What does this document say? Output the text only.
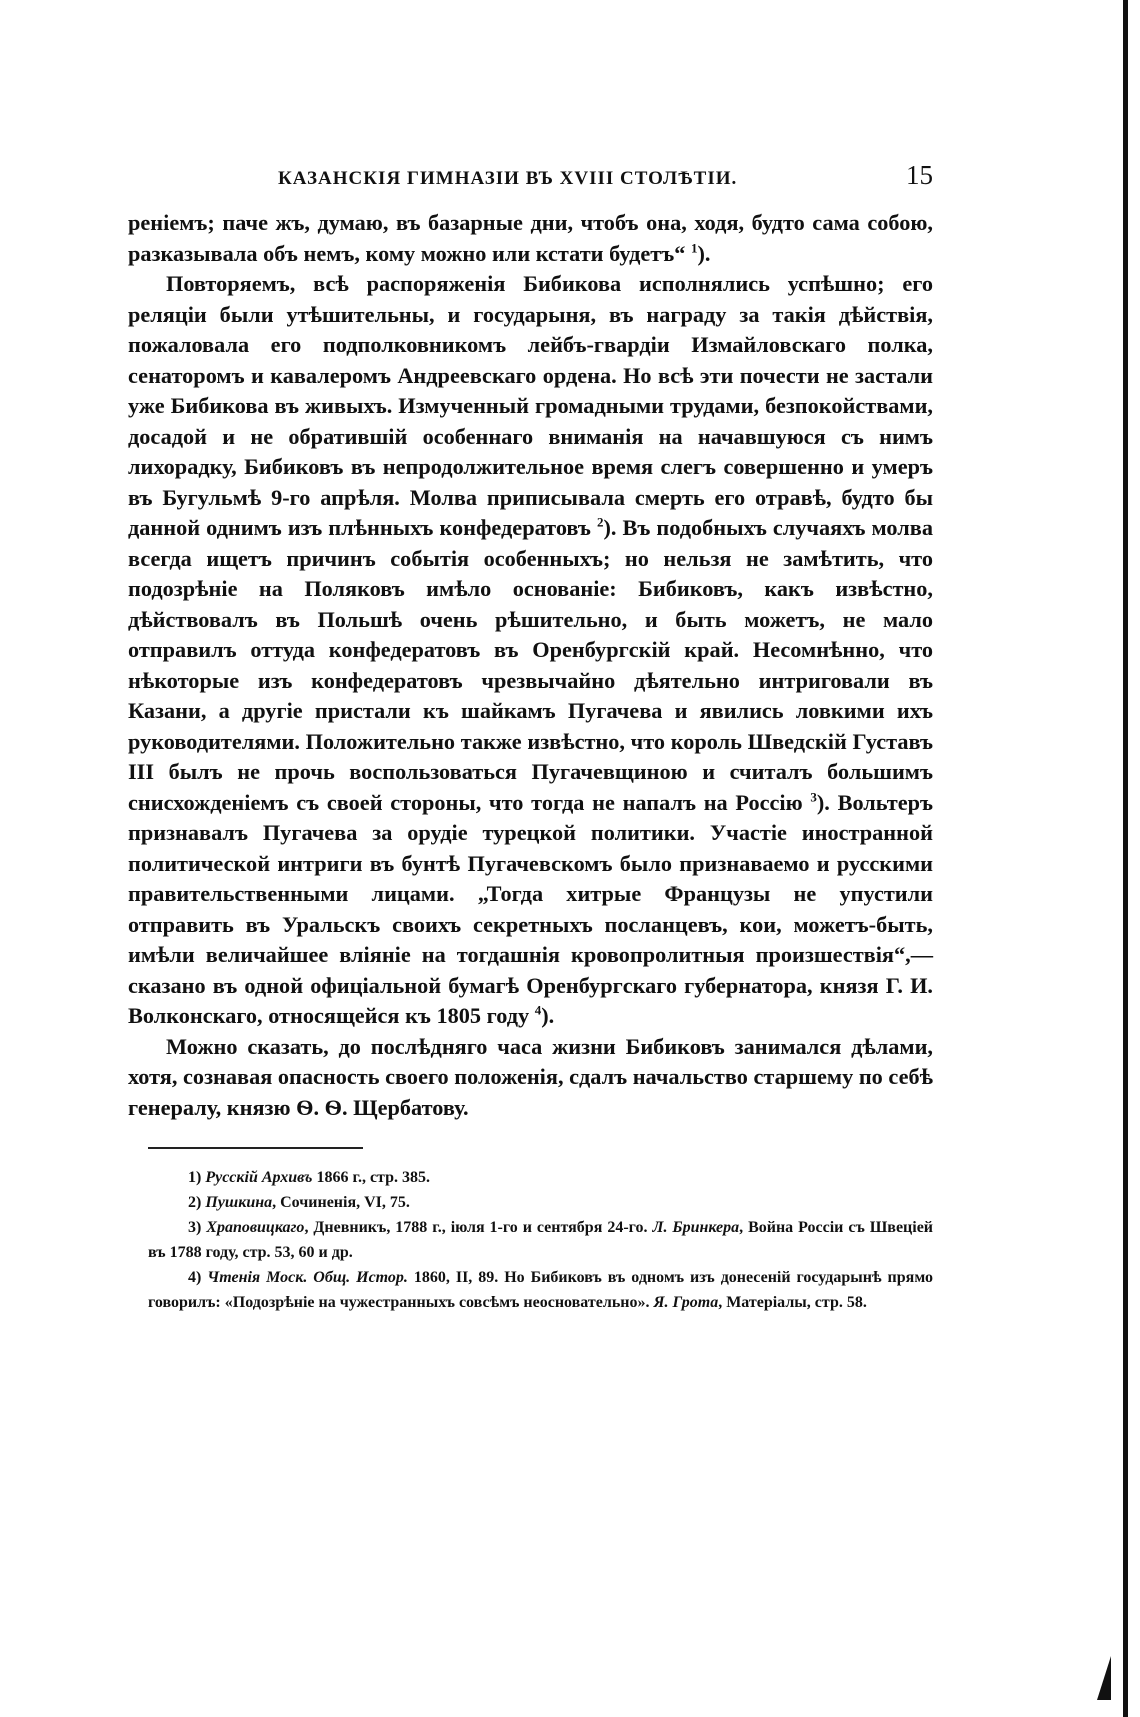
КАЗАНСКІЯ ГИМНАЗІИ ВЪ XVIII СТОЛѢТІИ.	15

реніемъ; паче жъ, думаю, въ базарные дни, чтобъ она, ходя, будто сама собою, разказывала объ немъ, кому можно или кстати будетъ“ $^1$).

Повторяемъ, всѣ распоряженія Бибикова исполнялись успѣшно; его реляціи были утѣшительны, и государыня, въ награду за такія дѣйствія, пожаловала его подполковникомъ лейбъ-гвардіи Измайловскаго полка, сенаторомъ и кавалеромъ Андреевскаго ордена. Но всѣ эти почести не застали уже Бибикова въ живыхъ. Измученный громадными трудами, безпокойствами, досадой и не обратившій особеннаго вниманія на начавшуюся съ нимъ лихорадку, Бибиковъ въ непродолжительное время слегъ совершенно и умеръ въ Бугульмѣ 9-го апрѣля. Молва приписывала смерть его отравѣ, будто бы данной однимъ изъ плѣнныхъ конфедератовъ $^2$). Въ подобныхъ случаяхъ молва всегда ищетъ причинъ событія особенныхъ; но нельзя не замѣтить, что подозрѣніе на Поляковъ имѣло основаніе: Бибиковъ, какъ извѣстно, дѣйствовалъ въ Польшѣ очень рѣшительно, и быть можетъ, не мало отправилъ оттуда конфедератовъ въ Оренбургскій край. Несомнѣнно, что нѣкоторые изъ конфедератовъ чрезвычайно дѣятельно интриговали въ Казани, а другіе пристали къ шайкамъ Пугачева и явились ловкими ихъ руководителями. Положительно также извѣстно, что король Шведскій Густавъ III былъ не прочь воспользоваться Пугачевщиною и считалъ большимъ снисхожденіемъ съ своей стороны, что тогда не напалъ на Россію $^3$). Вольтеръ признавалъ Пугачева за орудіе турецкой политики. Участіе иностранной политической интриги въ бунтѣ Пугачевскомъ было признаваемо и русскими правительственными лицами. „Тогда хитрые Французы не упустили отправить въ Уральскъ своихъ секретныхъ посланцевъ, кои, можетъ-быть, имѣли величайшее вліяніе на тогдашнія кровопролитныя произшествія“,—сказано въ одной офиціальной бумагѣ Оренбургскаго губернатора, князя Г. И. Волконскаго, относящейся къ 1805 году $^4$).

Можно сказать, до послѣдняго часа жизни Бибиковъ занимался дѣлами, хотя, сознавая опасность своего положенія, сдалъ начальство старшему по себѣ генералу, князю Ѳ. Ѳ. Щербатову.

1) Русскій Архивъ 1866 г., стр. 385.

2) Пушкина, Сочиненія, VI, 75.

3) Храповицкаго, Дневникъ, 1788 г., іюля 1-го и сентября 24-го. Л. Бринкера, Война Россіи съ Швеціей въ 1788 году, стр. 53, 60 и др.

4) Чтенія Моск. Общ. Истор. 1860, II, 89. Но Бибиковъ въ одномъ изъ донесеній государынѣ прямо говорилъ: «Подозрѣніе на чужестранныхъ совсѣмъ неосновательно». Я. Грота, Матеріалы, стр. 58.
